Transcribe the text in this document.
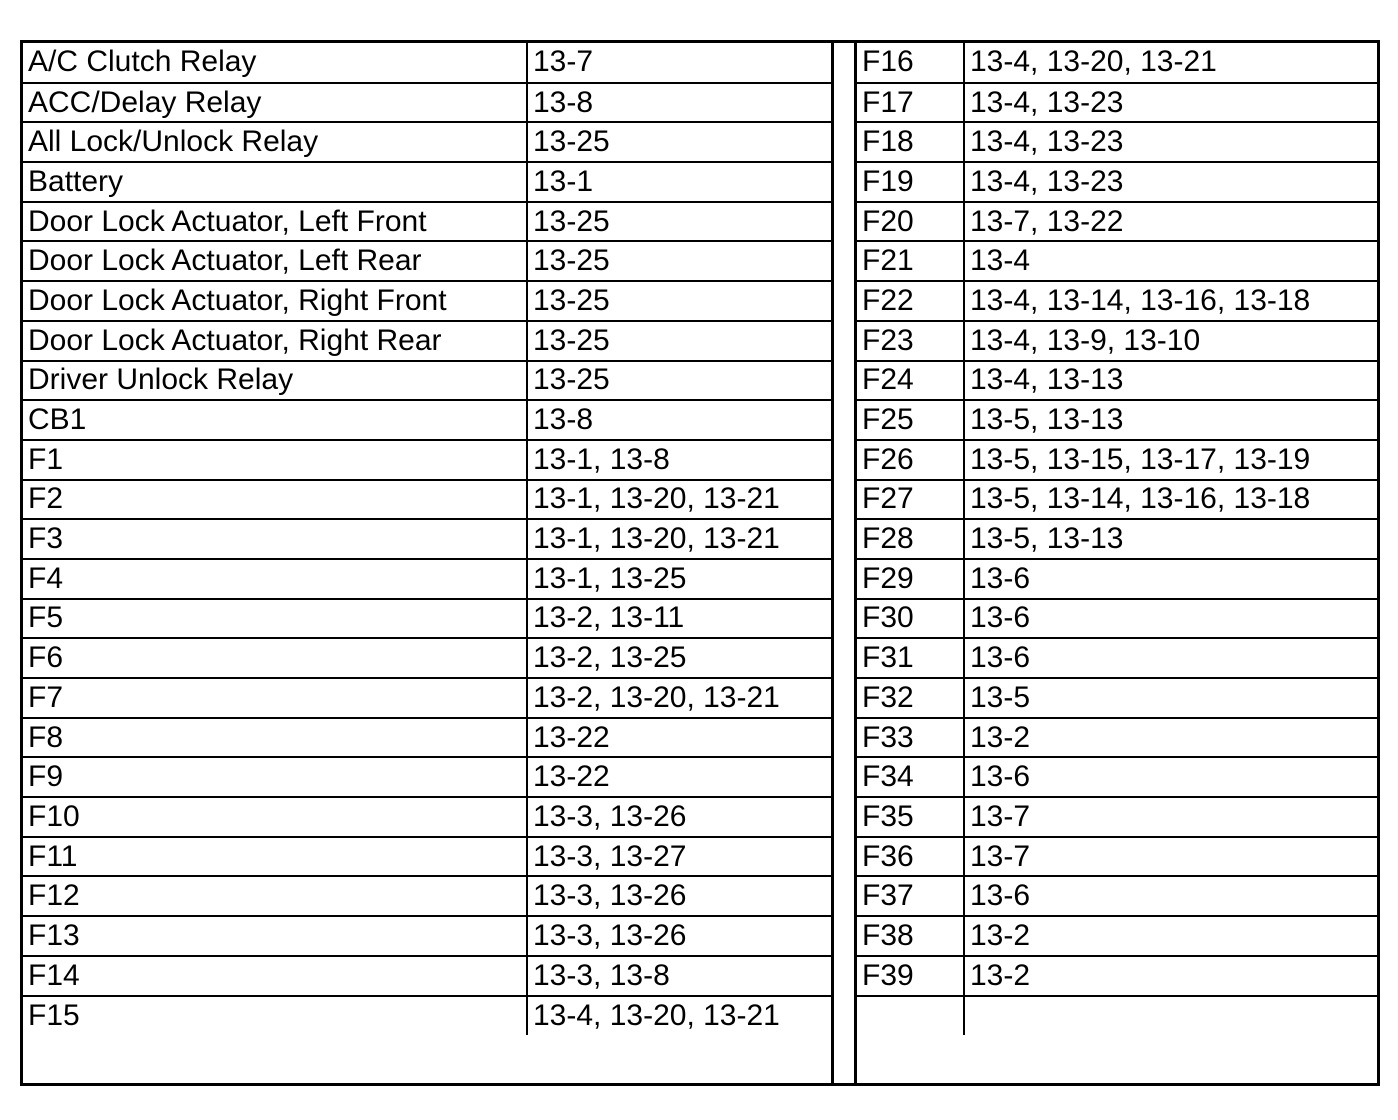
A/C Clutch Relay	13-7
ACC/Delay Relay	13-8
All Lock/Unlock Relay	13-25
Battery	13-1
Door Lock Actuator, Left Front	13-25
Door Lock Actuator, Left Rear	13-25
Door Lock Actuator, Right Front	13-25
Door Lock Actuator, Right Rear	13-25
Driver Unlock Relay	13-25
CB1	13-8
F1	13-1, 13-8
F2	13-1, 13-20, 13-21
F3	13-1, 13-20, 13-21
F4	13-1, 13-25
F5	13-2, 13-11
F6	13-2, 13-25
F7	13-2, 13-20, 13-21
F8	13-22
F9	13-22
F10	13-3, 13-26
F11	13-3, 13-27
F12	13-3, 13-26
F13	13-3, 13-26
F14	13-3, 13-8
F15	13-4, 13-20, 13-21
F16	13-4, 13-20, 13-21
F17	13-4, 13-23
F18	13-4, 13-23
F19	13-4, 13-23
F20	13-7, 13-22
F21	13-4
F22	13-4, 13-14, 13-16, 13-18
F23	13-4, 13-9, 13-10
F24	13-4, 13-13
F25	13-5, 13-13
F26	13-5, 13-15, 13-17, 13-19
F27	13-5, 13-14, 13-16, 13-18
F28	13-5, 13-13
F29	13-6
F30	13-6
F31	13-6
F32	13-5
F33	13-2
F34	13-6
F35	13-7
F36	13-7
F37	13-6
F38	13-2
F39	13-2
